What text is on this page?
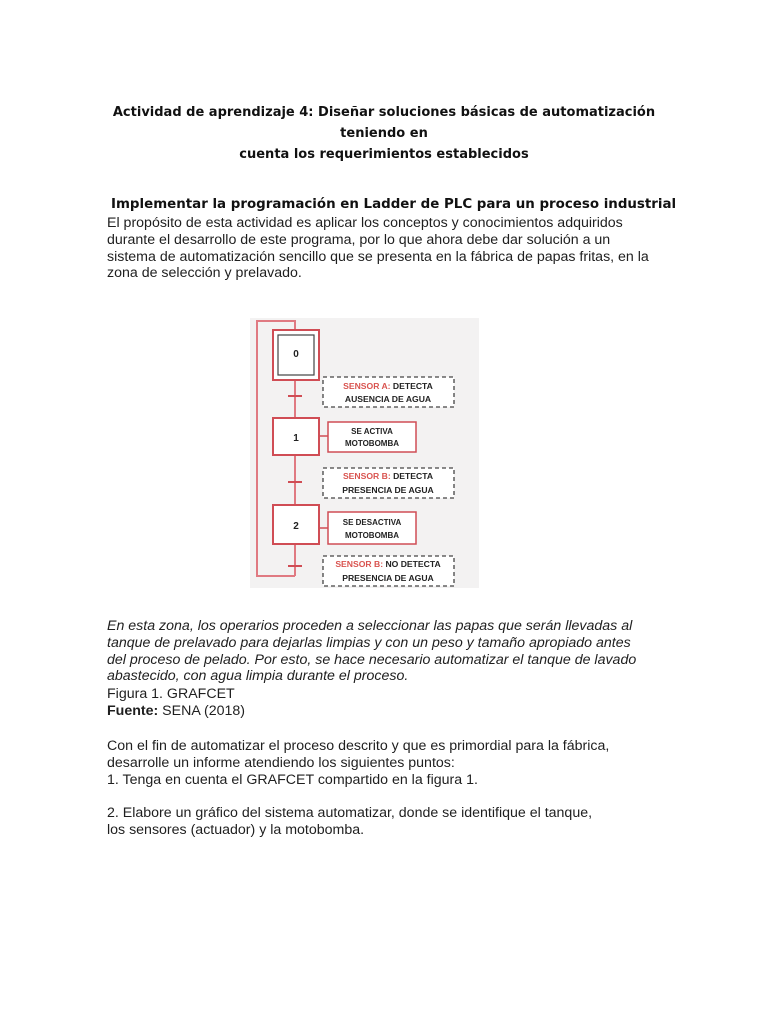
Actividad de aprendizaje 4: Diseñar soluciones básicas de automatización teniendo en
cuenta los requerimientos establecidos
Implementar la programación en Ladder de PLC para un proceso industrial
El propósito de esta actividad es aplicar los conceptos y conocimientos adquiridos
durante el desarrollo de este programa, por lo que ahora debe dar solución a un
sistema de automatización sencillo que se presenta en la fábrica de papas fritas, en la
zona de selección y prelavado.
0
SENSOR A: DETECTA
AUSENCIA DE AGUA
1
SE ACTIVA
MOTOBOMBA
SENSOR B: DETECTA
PRESENCIA DE AGUA
2	SE DESACTIVA
MOTOBOMBA
SENSOR B: NO DETECTA
PRESENCIA DE AGUA
En esta zona, los operarios proceden a seleccionar las papas que serán llevadas al
tanque de prelavado para dejarlas limpias y con un peso y tamaño apropiado antes
del proceso de pelado. Por esto, se hace necesario automatizar el tanque de lavado
abastecido, con agua limpia durante el proceso.
Figura 1. GRAFCET
Fuente: SENA (2018)
Con el fin de automatizar el proceso descrito y que es primordial para la fábrica,
desarrolle un informe atendiendo los siguientes puntos:
1. Tenga en cuenta el GRAFCET compartido en la figura 1.
2. Elabore un gráfico del sistema automatizar, donde se identifique el tanque,
los sensores (actuador) y la motobomba.
